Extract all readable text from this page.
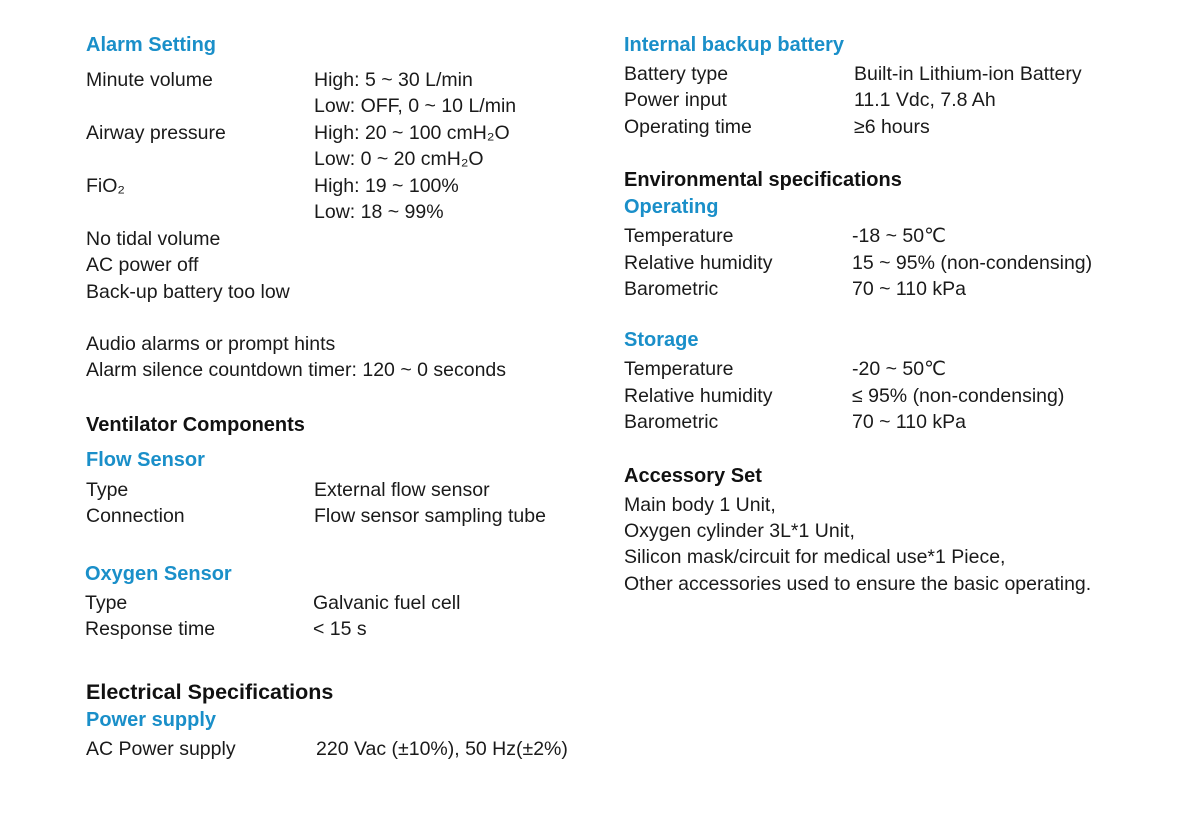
Alarm Setting
Minute volume	High: 5 ~ 30 L/min
Low: OFF, 0 ~ 10 L/min
Airway pressure	High: 20 ~ 100 cmH₂O
Low: 0 ~ 20 cmH₂O
FiO₂	High: 19 ~ 100%
Low: 18 ~ 99%
No tidal volume
AC power off
Back-up battery too low
Audio alarms or prompt hints
Alarm silence countdown timer: 120 ~ 0 seconds
Ventilator Components
Flow Sensor
Type	External flow sensor
Connection	Flow sensor sampling tube
Oxygen Sensor
Type	Galvanic fuel cell
Response time	< 15 s
Electrical Specifications
Power supply
AC Power supply	220 Vac (±10%), 50 Hz(±2%)
Internal backup battery
Battery type	Built-in Lithium-ion Battery
Power input	11.1 Vdc, 7.8 Ah
Operating time	≥6 hours
Environmental specifications
Operating
Temperature	-18 ~ 50℃
Relative humidity	15 ~ 95% (non-condensing)
Barometric	70 ~ 110 kPa
Storage
Temperature	-20 ~ 50℃
Relative humidity	≤ 95% (non-condensing)
Barometric	70 ~ 110 kPa
Accessory Set
Main body 1 Unit,
Oxygen cylinder 3L*1 Unit,
Silicon mask/circuit for medical use*1 Piece,
Other accessories used to ensure the basic operating.
